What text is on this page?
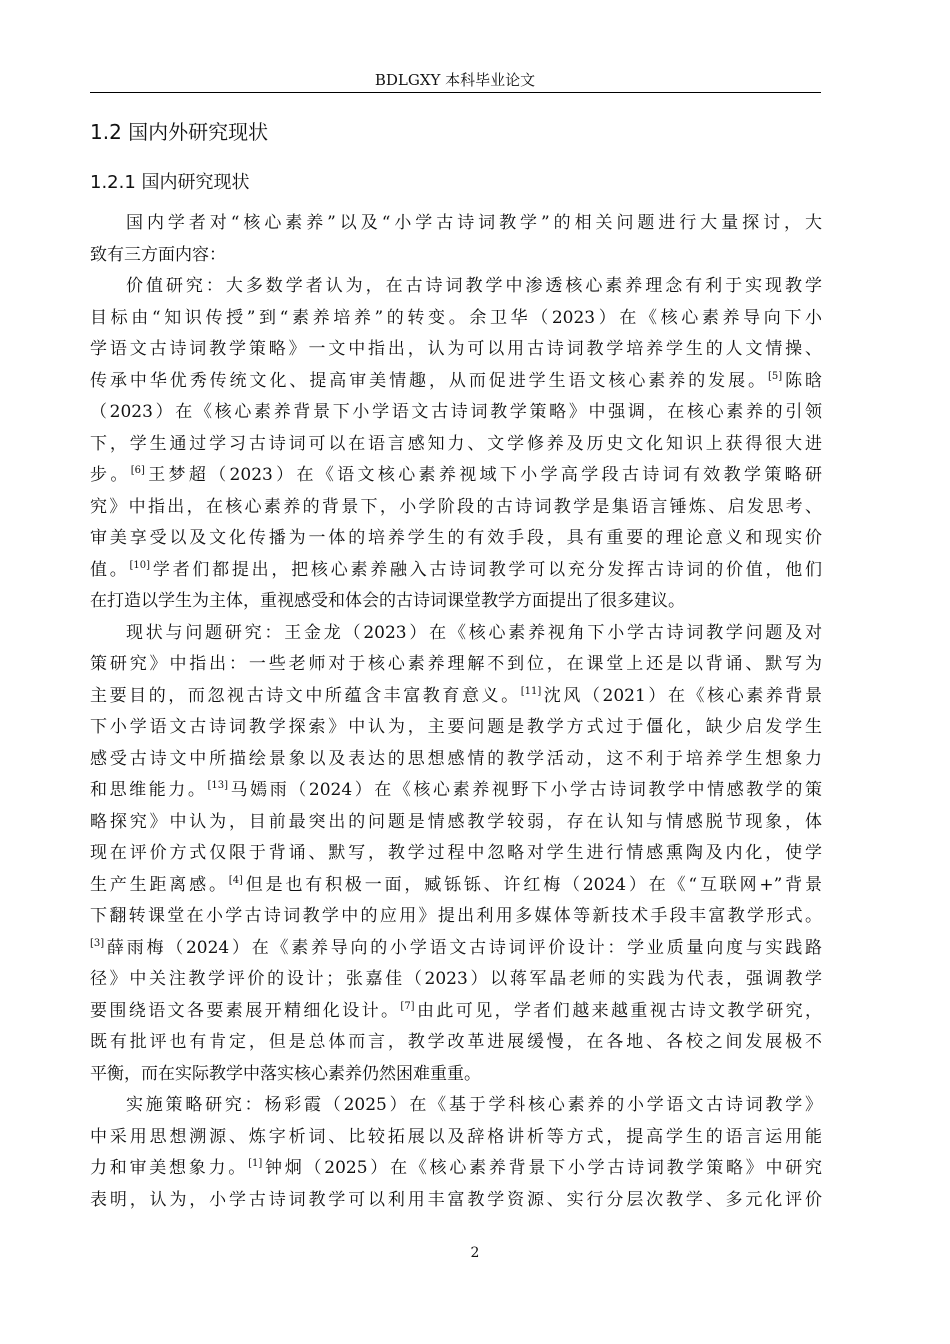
BDLGXY 本科毕业论文
1.2 国内外研究现状
1.2.1 国内研究现状
国内学者对“核心素养”以及“小学古诗词教学”的相关问题进行大量探讨，大
致有三方面内容：
价值研究：大多数学者认为，在古诗词教学中渗透核心素养理念有利于实现教学
目标由“知识传授”到“素养培养”的转变。余卫华（2023）在《核心素养导向下小
学语文古诗词教学策略》一文中指出，认为可以用古诗词教学培养学生的人文情操、
传承中华优秀传统文化、提高审美情趣，从而促进学生语文核心素养的发展。[5]陈晗
（2023）在《核心素养背景下小学语文古诗词教学策略》中强调，在核心素养的引领
下，学生通过学习古诗词可以在语言感知力、文学修养及历史文化知识上获得很大进
步。[6]王梦超（2023）在《语文核心素养视域下小学高学段古诗词有效教学策略研
究》中指出，在核心素养的背景下，小学阶段的古诗词教学是集语言锤炼、启发思考、
审美享受以及文化传播为一体的培养学生的有效手段，具有重要的理论意义和现实价
值。[10]学者们都提出，把核心素养融入古诗词教学可以充分发挥古诗词的价值，他们
在打造以学生为主体，重视感受和体会的古诗词课堂教学方面提出了很多建议。
现状与问题研究：王金龙（2023）在《核心素养视角下小学古诗词教学问题及对
策研究》中指出：一些老师对于核心素养理解不到位，在课堂上还是以背诵、默写为
主要目的，而忽视古诗文中所蕴含丰富教育意义。[11]沈风（2021）在《核心素养背景
下小学语文古诗词教学探索》中认为，主要问题是教学方式过于僵化，缺少启发学生
感受古诗文中所描绘景象以及表达的思想感情的教学活动，这不利于培养学生想象力
和思维能力。[13]马嫣雨（2024）在《核心素养视野下小学古诗词教学中情感教学的策
略探究》中认为，目前最突出的问题是情感教学较弱，存在认知与情感脱节现象，体
现在评价方式仅限于背诵、默写，教学过程中忽略对学生进行情感熏陶及内化，使学
生产生距离感。[4]但是也有积极一面，臧铄铄、许红梅（2024）在《“互联网+”背景
下翻转课堂在小学古诗词教学中的应用》提出利用多媒体等新技术手段丰富教学形式。
[3]薛雨梅（2024）在《素养导向的小学语文古诗词评价设计：学业质量向度与实践路
径》中关注教学评价的设计；张嘉佳（2023）以蒋军晶老师的实践为代表，强调教学
要围绕语文各要素展开精细化设计。[7]由此可见，学者们越来越重视古诗文教学研究，
既有批评也有肯定，但是总体而言，教学改革进展缓慢，在各地、各校之间发展极不
平衡，而在实际教学中落实核心素养仍然困难重重。
实施策略研究：杨彩霞（2025）在《基于学科核心素养的小学语文古诗词教学》
中采用思想溯源、炼字析词、比较拓展以及辞格讲析等方式，提高学生的语言运用能
力和审美想象力。[1]钟炯（2025）在《核心素养背景下小学古诗词教学策略》中研究
表明，认为，小学古诗词教学可以利用丰富教学资源、实行分层次教学、多元化评价
2
